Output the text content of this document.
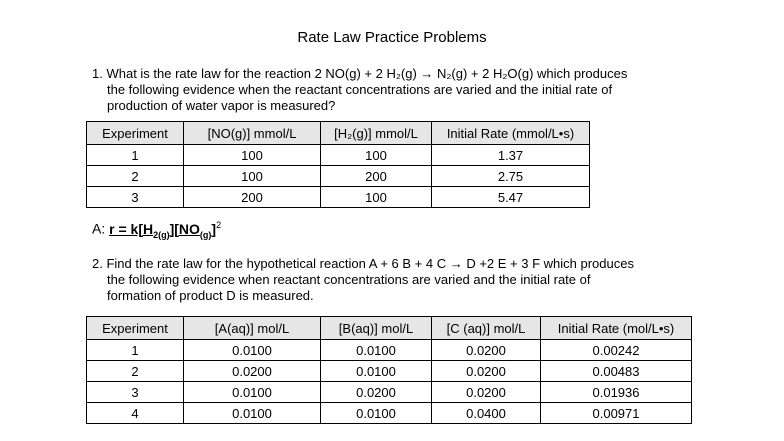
Rate Law Practice Problems
1. What is the rate law for the reaction 2 NO(g) + 2 H₂(g) → N₂(g) + 2 H₂O(g) which produces
the following evidence when the reactant concentrations are varied and the initial rate of
production of water vapor is measured?
Experiment	[NO(g)] mmol/L	[H₂(g)] mmol/L	Initial Rate (mmol/L•s)
1	100	100	1.37
2	100	200	2.75
3	200	100	5.47
A: $r = k[H_{2(g)}][NO_{(g)}]^2$
2. Find the rate law for the hypothetical reaction A + 6 B + 4 C → D +2 E + 3 F which produces
the following evidence when reactant concentrations are varied and the initial rate of
formation of product D is measured.
Experiment	[A(aq)] mol/L	[B(aq)] mol/L	[C (aq)] mol/L	Initial Rate (mol/L•s)
1	0.0100	0.0100	0.0200	0.00242
2	0.0200	0.0100	0.0200	0.00483
3	0.0100	0.0200	0.0200	0.01936
4	0.0100	0.0100	0.0400	0.00971
